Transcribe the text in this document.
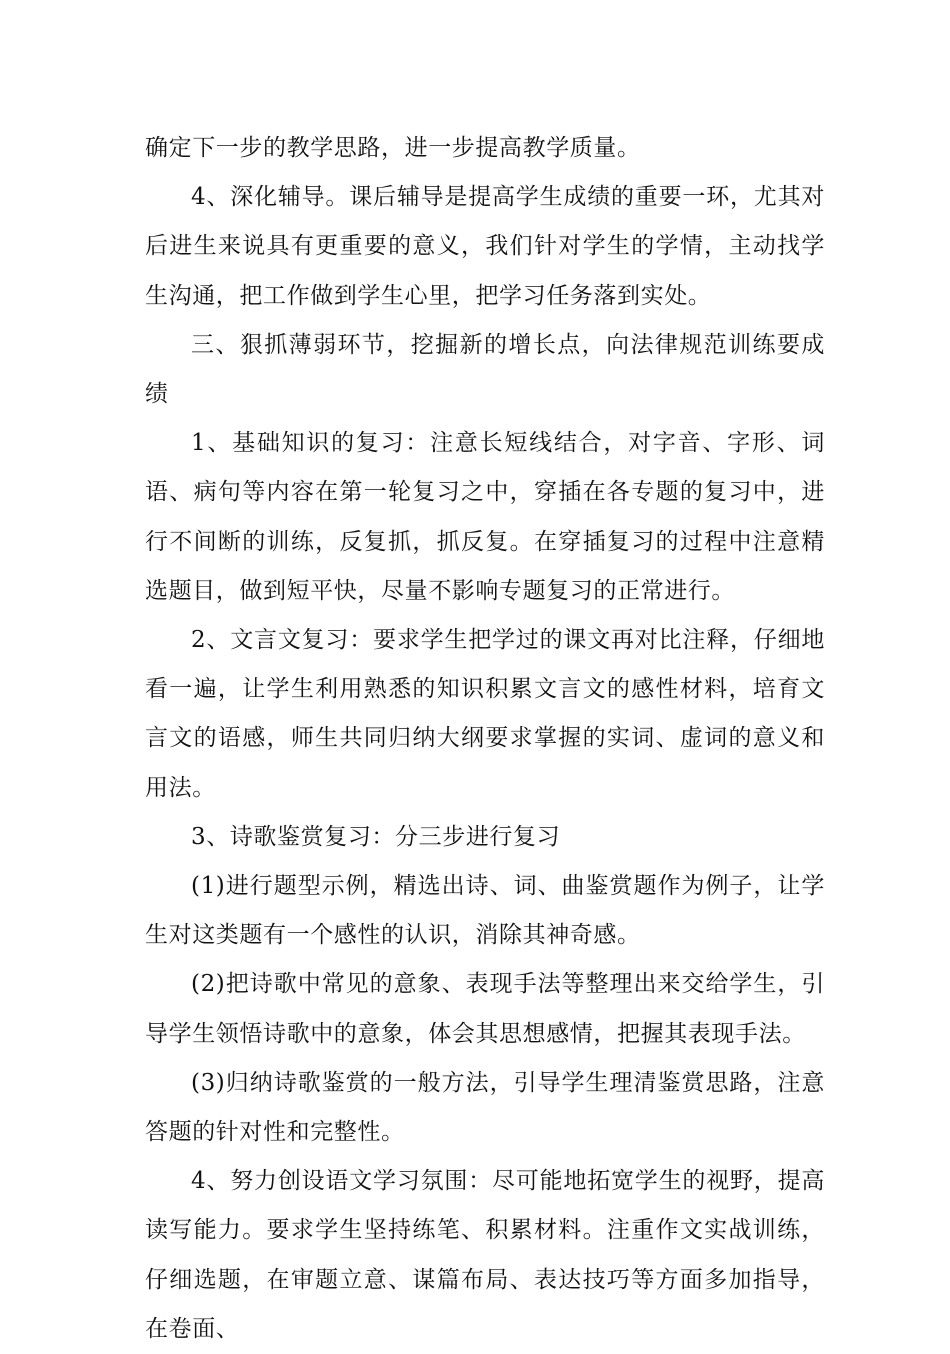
确定下一步的教学思路，进一步提高教学质量。

4、深化辅导。课后辅导是提高学生成绩的重要一环，尤其对后进生来说具有更重要的意义，我们针对学生的学情，主动找学生沟通，把工作做到学生心里，把学习任务落到实处。

三、狠抓薄弱环节，挖掘新的增长点，向法律规范训练要成绩

1、基础知识的复习：注意长短线结合，对字音、字形、词语、病句等内容在第一轮复习之中，穿插在各专题的复习中，进行不间断的训练，反复抓，抓反复。在穿插复习的过程中注意精选题目，做到短平快，尽量不影响专题复习的正常进行。

2、文言文复习：要求学生把学过的课文再对比注释，仔细地看一遍，让学生利用熟悉的知识积累文言文的感性材料，培育文言文的语感，师生共同归纳大纲要求掌握的实词、虚词的意义和用法。

3、诗歌鉴赏复习：分三步进行复习

(1)进行题型示例，精选出诗、词、曲鉴赏题作为例子，让学生对这类题有一个感性的认识，消除其神奇感。

(2)把诗歌中常见的意象、表现手法等整理出来交给学生，引导学生领悟诗歌中的意象，体会其思想感情，把握其表现手法。

(3)归纳诗歌鉴赏的一般方法，引导学生理清鉴赏思路，注意答题的针对性和完整性。

4、努力创设语文学习氛围：尽可能地拓宽学生的视野，提高读写能力。要求学生坚持练笔、积累材料。注重作文实战训练，仔细选题，在审题立意、谋篇布局、表达技巧等方面多加指导，在卷面、
